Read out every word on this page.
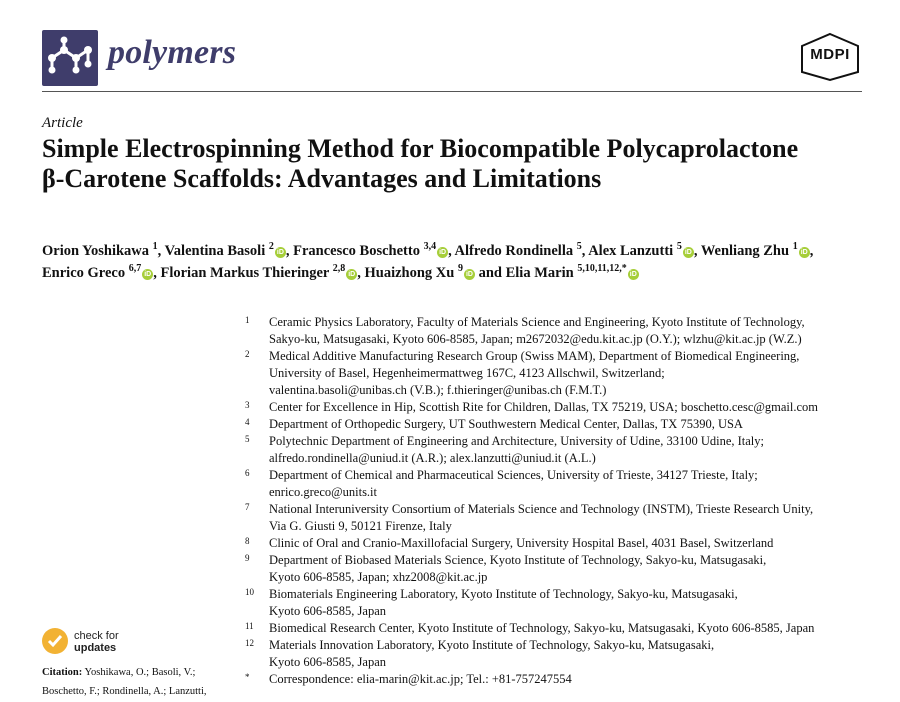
polymers	MDPI
Article
Simple Electrospinning Method for Biocompatible Polycaprolactone β-Carotene Scaffolds: Advantages and Limitations
Orion Yoshikawa $^1$, Valentina Basoli $^2$iD , Francesco Boschetto $^{3,4}$iD , Alfredo Rondinella $^5$, Alex Lanzutti $^5$iD , Wenliang Zhu $^1$iD , Enrico Greco $^{6,7}$iD , Florian Markus Thieringer $^{2,8}$iD , Huaizhong Xu $^9$iD and Elia Marin $^{5,10,11,12,*}$iD
1 Ceramic Physics Laboratory, Faculty of Materials Science and Engineering, Kyoto Institute of Technology,
Sakyo-ku, Matsugasaki, Kyoto 606-8585, Japan; m2672032@edu.kit.ac.jp (O.Y.); wlzhu@kit.ac.jp (W.Z.)
2 Medical Additive Manufacturing Research Group (Swiss MAM), Department of Biomedical Engineering,
University of Basel, Hegenheimermattweg 167C, 4123 Allschwil, Switzerland;
valentina.basoli@unibas.ch (V.B.); f.thieringer@unibas.ch (F.M.T.)
3 Center for Excellence in Hip, Scottish Rite for Children, Dallas, TX 75219, USA; boschetto.cesc@gmail.com
4 Department of Orthopedic Surgery, UT Southwestern Medical Center, Dallas, TX 75390, USA
5 Polytechnic Department of Engineering and Architecture, University of Udine, 33100 Udine, Italy;
alfredo.rondinella@uniud.it (A.R.); alex.lanzutti@uniud.it (A.L.)
6 Department of Chemical and Pharmaceutical Sciences, University of Trieste, 34127 Trieste, Italy;
enrico.greco@units.it
7 National Interuniversity Consortium of Materials Science and Technology (INSTM), Trieste Research Unity,
Via G. Giusti 9, 50121 Firenze, Italy
8 Clinic of Oral and Cranio-Maxillofacial Surgery, University Hospital Basel, 4031 Basel, Switzerland
9 Department of Biobased Materials Science, Kyoto Institute of Technology, Sakyo-ku, Matsugasaki,
Kyoto 606-8585, Japan; xhz2008@kit.ac.jp
10 Biomaterials Engineering Laboratory, Kyoto Institute of Technology, Sakyo-ku, Matsugasaki,
Kyoto 606-8585, Japan
11 Biomedical Research Center, Kyoto Institute of Technology, Sakyo-ku, Matsugasaki, Kyoto 606-8585, Japan
12 Materials Innovation Laboratory, Kyoto Institute of Technology, Sakyo-ku, Matsugasaki,
Kyoto 606-8585, Japan
* Correspondence: elia-marin@kit.ac.jp; Tel.: +81-757247554
check for
updates
Citation: Yoshikawa, O.; Basoli, V.;
Boschetto, F.; Rondinella, A.; Lanzutti,
